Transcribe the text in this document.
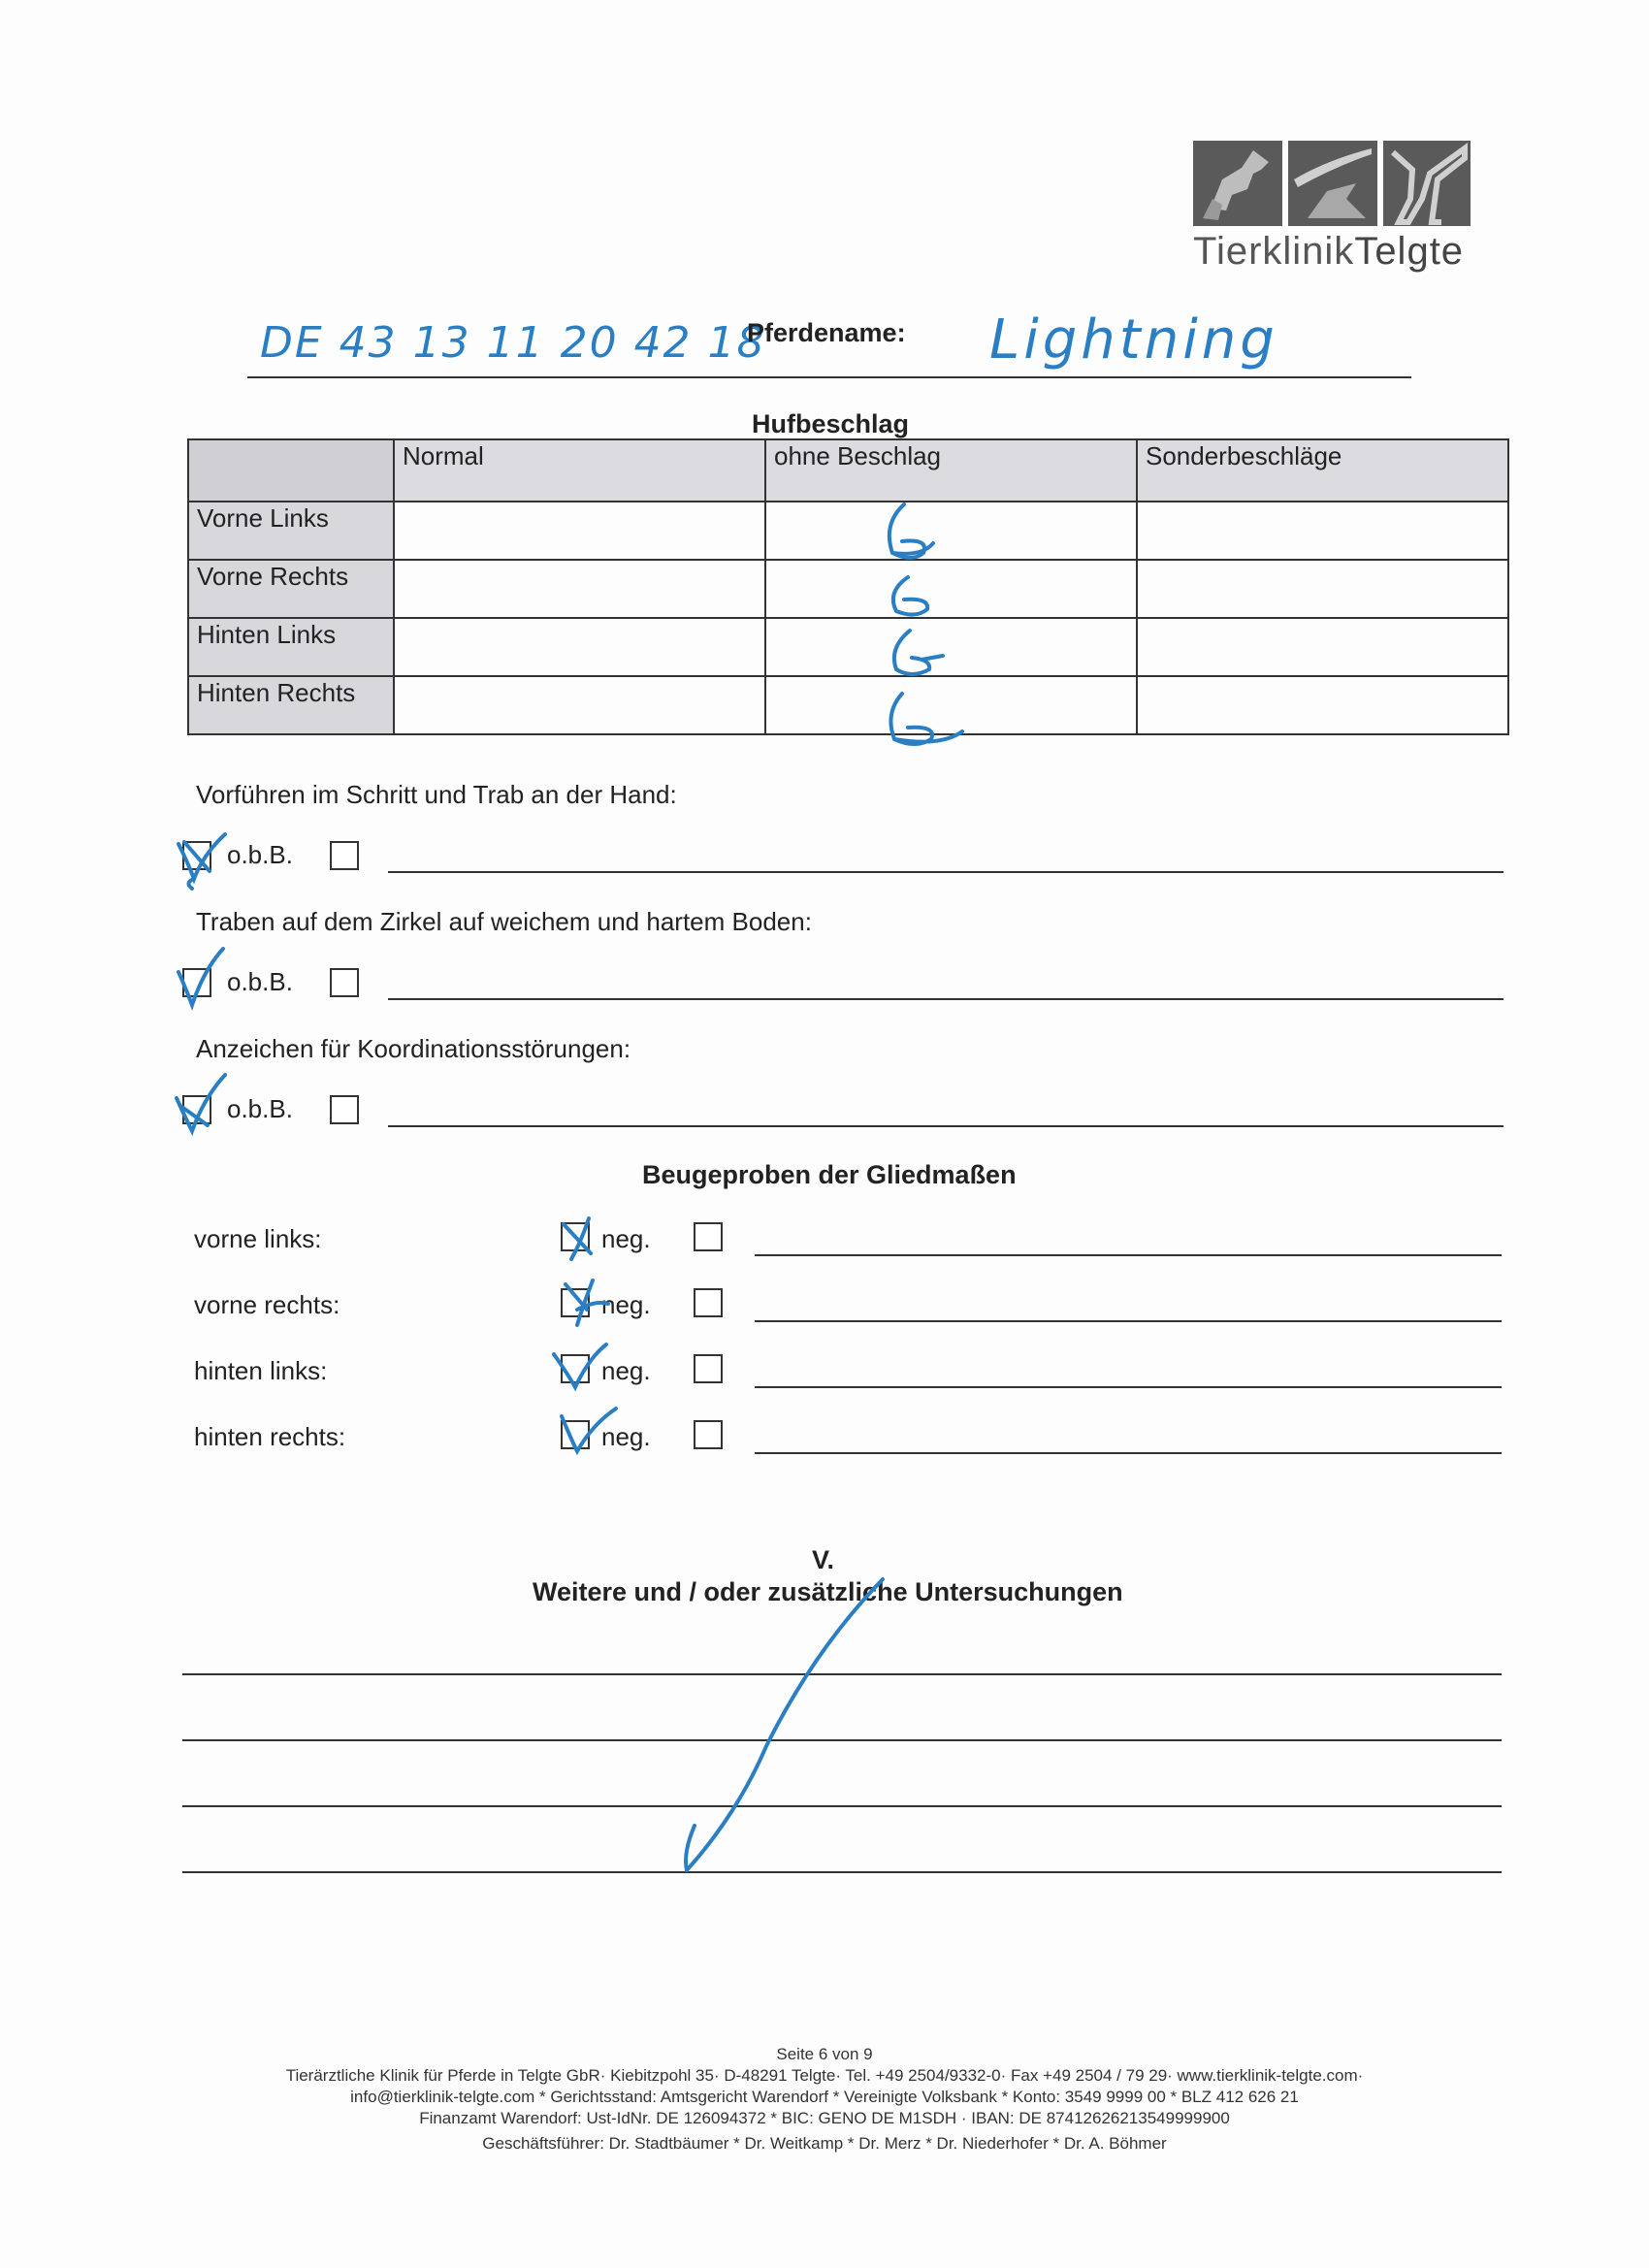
TierklinikTelgte
DE 43 13 11 20 42 18
Pferdename: Lightning
Hufbeschlag
	Normal	ohne Beschlag	Sonderbeschläge
Vorne Links			
Vorne Rechts			
Hinten Links			
Hinten Rechts			
Vorführen im Schritt und Trab an der Hand:
o.b.B.
Traben auf dem Zirkel auf weichem und hartem Boden:
o.b.B.
Anzeichen für Koordinationsstörungen:
o.b.B.
Beugeproben der Gliedmaßen
vorne links:	neg.
vorne rechts:	neg.
hinten links:	neg.
hinten rechts:	neg.
V.
Weitere und / oder zusätzliche Untersuchungen
Seite 6 von 9
Tierärztliche Klinik für Pferde in Telgte GbR· Kiebitzpohl 35· D-48291 Telgte· Tel. +49 2504/9332-0· Fax +49 2504 / 79 29· www.tierklinik-telgte.com·
info@tierklinik-telgte.com * Gerichtsstand: Amtsgericht Warendorf * Vereinigte Volksbank * Konto: 3549 9999 00 * BLZ 412 626 21
Finanzamt Warendorf: Ust-IdNr. DE 126094372 * BIC: GENO DE M1SDH · IBAN: DE 87412626213549999900
Geschäftsführer: Dr. Stadtbäumer * Dr. Weitkamp * Dr. Merz * Dr. Niederhofer * Dr. A. Böhmer
